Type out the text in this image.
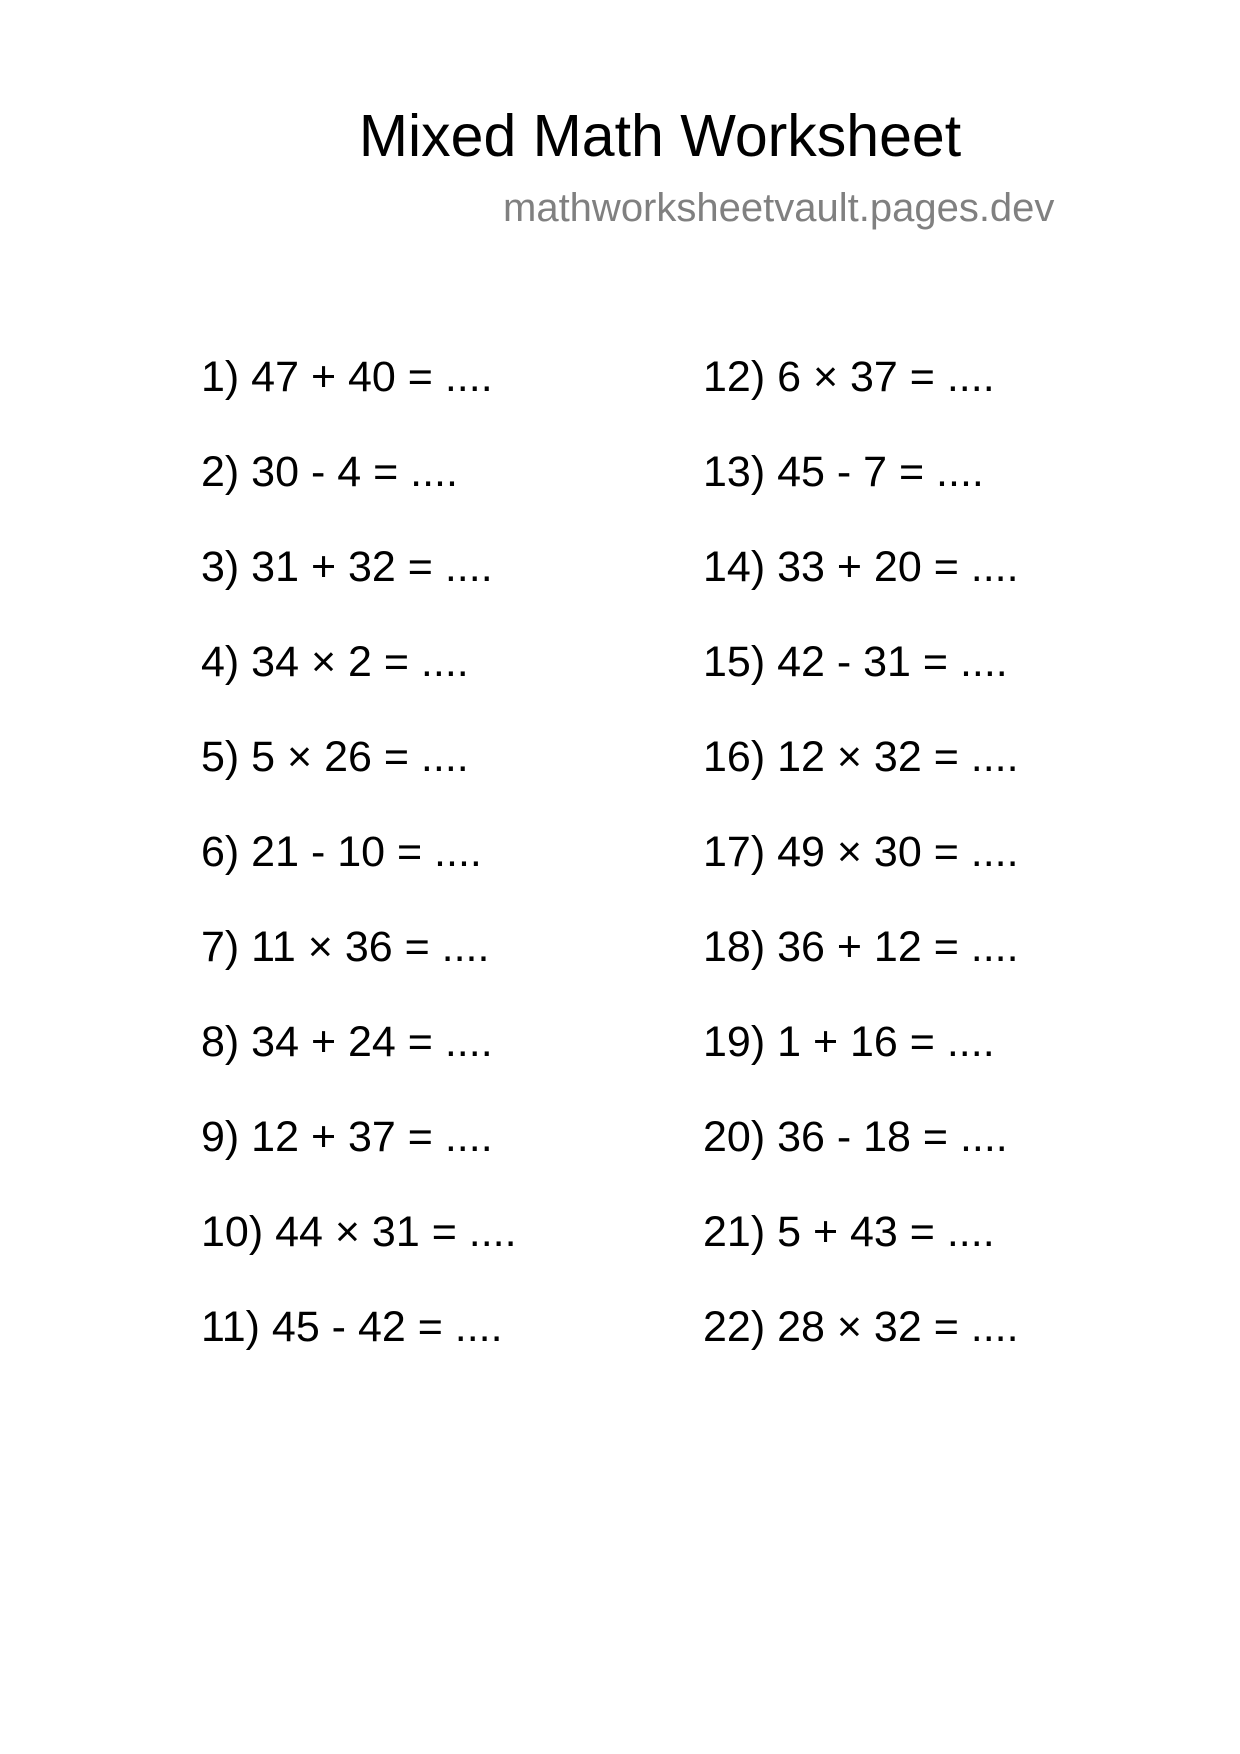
Mixed Math Worksheet
mathworksheetvault.pages.dev
1) 47 + 40 = ....
2) 30 - 4 = ....
3) 31 + 32 = ....
4) 34 × 2 = ....
5) 5 × 26 = ....
6) 21 - 10 = ....
7) 11 × 36 = ....
8) 34 + 24 = ....
9) 12 + 37 = ....
10) 44 × 31 = ....
11) 45 - 42 = ....
12) 6 × 37 = ....
13) 45 - 7 = ....
14) 33 + 20 = ....
15) 42 - 31 = ....
16) 12 × 32 = ....
17) 49 × 30 = ....
18) 36 + 12 = ....
19) 1 + 16 = ....
20) 36 - 18 = ....
21) 5 + 43 = ....
22) 28 × 32 = ....
